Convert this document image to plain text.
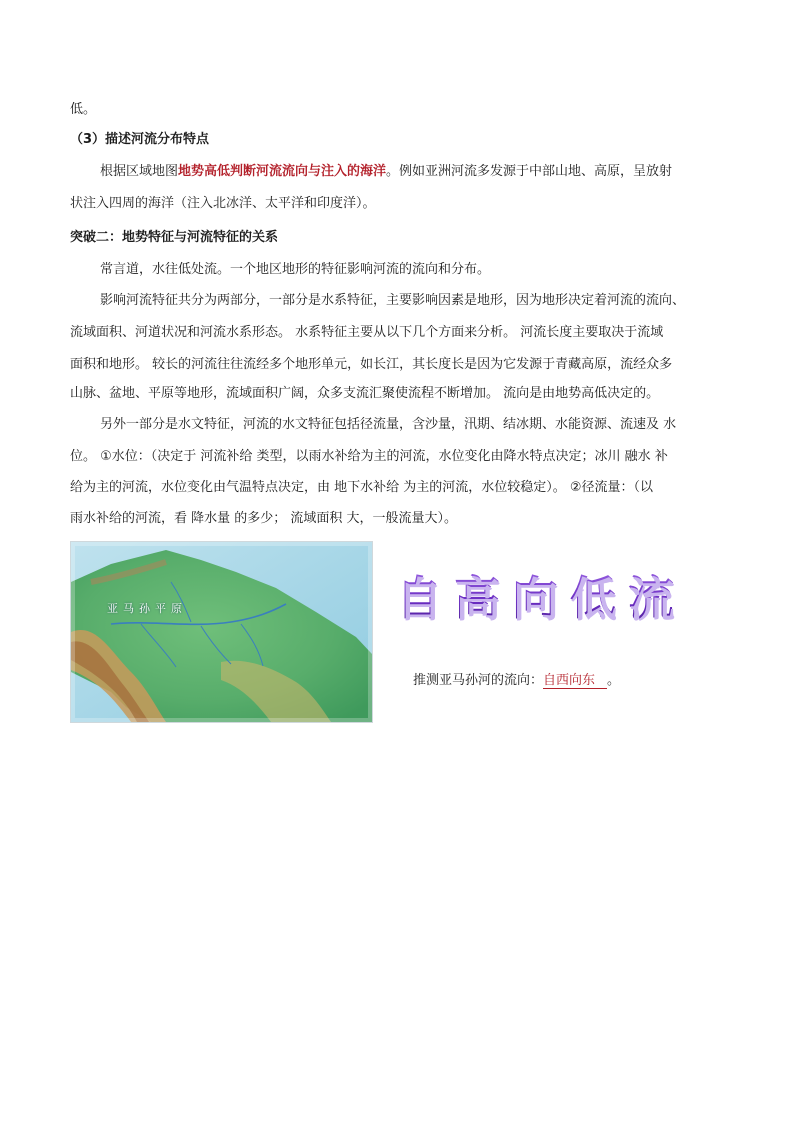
低。
（3）描述河流分布特点
根据区域地图地势高低判断河流流向与注入的海洋。例如亚洲河流多发源于中部山地、高原，呈放射
状注入四周的海洋（注入北冰洋、太平洋和印度洋）。
突破二：地势特征与河流特征的关系
常言道，水往低处流。一个地区地形的特征影响河流的流向和分布。
影响河流特征共分为两部分，一部分是水系特征，主要影响因素是地形，因为地形决定着河流的流向、
流域面积、河道状况和河流水系形态。 水系特征主要从以下几个方面来分析。 河流长度主要取决于流域
面积和地形。 较长的河流往往流经多个地形单元，如长江，其长度长是因为它发源于青藏高原，流经众多
山脉、盆地、平原等地形，流域面积广阔，众多支流汇聚使流程不断增加。 流向是由地势高低决定的。
另外一部分是水文特征，河流的水文特征包括径流量，含沙量，汛期、结冰期、水能资源、流速及 水
位。 ①水位：（决定于 河流补给 类型，以雨水补给为主的河流，水位变化由降水特点决定；冰川 融水 补
给为主的河流，水位变化由气温特点决定，由 地下水补给 为主的河流，水位较稳定）。 ②径流量：（以
雨水补给的河流，看 降水量 的多少； 流域面积 大，一般流量大）。
亚马孙平原	自高向低流
推测亚马孙河的流向：自西向东 。
